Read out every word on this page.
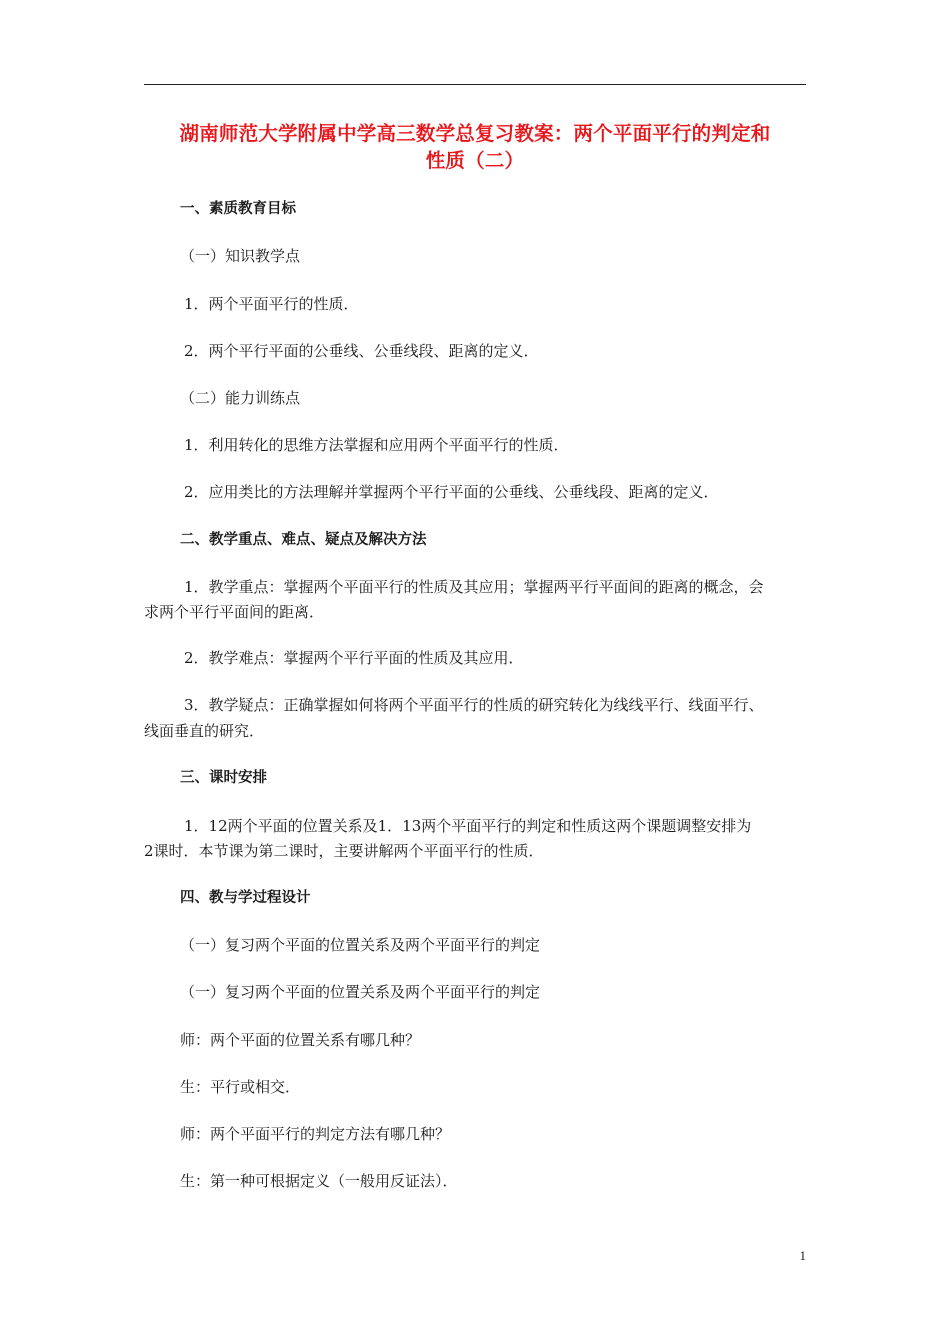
湖南师范大学附属中学高三数学总复习教案：两个平面平行的判定和
性质（二）
一、素质教育目标
（一）知识教学点
1．两个平面平行的性质．
2．两个平行平面的公垂线、公垂线段、距离的定义．
（二）能力训练点
1．利用转化的思维方法掌握和应用两个平面平行的性质．
2．应用类比的方法理解并掌握两个平行平面的公垂线、公垂线段、距离的定义．
二、教学重点、难点、疑点及解决方法
1．教学重点：掌握两个平面平行的性质及其应用；掌握两平行平面间的距离的概念，会
求两个平行平面间的距离．
2．教学难点：掌握两个平行平面的性质及其应用．
3．教学疑点：正确掌握如何将两个平面平行的性质的研究转化为线线平行、线面平行、
线面垂直的研究．
三、课时安排
1．12两个平面的位置关系及1．13两个平面平行的判定和性质这两个课题调整安排为
2课时．本节课为第二课时，主要讲解两个平面平行的性质．
四、教与学过程设计
（一）复习两个平面的位置关系及两个平面平行的判定
（一）复习两个平面的位置关系及两个平面平行的判定
师：两个平面的位置关系有哪几种？
生：平行或相交．
师：两个平面平行的判定方法有哪几种？
生：第一种可根据定义（一般用反证法）．
1
